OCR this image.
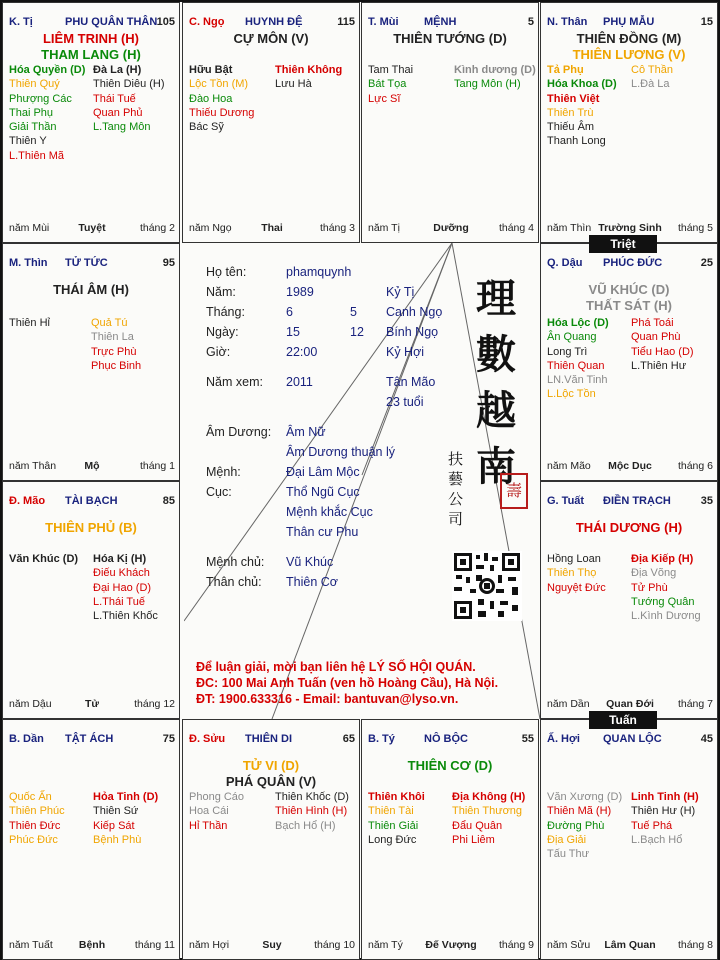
K. Tị	PHU QUÂN THÂN 105
LIÊM TRINH (H)
THAM LANG (H)
Hóa Quyền (D)
Thiên Quý
Phượng Các
Thai Phụ
Giải Thần
Thiên Y
L.Thiên Mã
Đà La (H)
Thiên Diêu (H)
Thái Tuế
Quan Phủ
L.Tang Môn
năm Mùi	Tuyệt	tháng 2
C. Ngọ HUYNH ĐỆ	115
CỰ MÔN (V)
Hữu Bật
Lộc Tồn (M)
Đào Hoa
Thiếu Dương
Bác Sỹ
Thiên Không
Lưu Hà
năm Ngọ	Thai	tháng 3
T. Mùi MỆNH	5
THIÊN TƯỚNG (D)
Tam Thai
Bát Tọa
Lực Sĩ
Kình dương (D)
Tang Môn (H)
năm Tị	Dưỡng	tháng 4
N. Thân PHỤ MẪU	15
THIÊN ĐỒNG (M)
THIÊN LƯƠNG (V)
Tả Phụ
Hóa Khoa (D)
Thiên Việt
Thiên Trù
Thiếu Âm
Thanh Long
Cô Thần
L.Đà La
năm Thìn Trường Sinh	tháng 5
M. Thìn TỬ TỨC	95
THÁI ÂM (H)
Thiên Hỉ	Quả Tú
Thiên La
Trực Phù
Phục Binh
năm Thân	Mộ	tháng 1
Q. Dậu PHÚC ĐỨC	25
VŨ KHÚC (D)
THẤT SÁT (H)
Hóa Lộc (D)
Ân Quang
Long Trì
Thiên Quan
LN.Văn Tinh
L.Lộc Tồn
Phá Toái
Quan Phù
Tiểu Hao (D)
L.Thiên Hư
năm Mão	Mộc Dục	tháng 6
Đ. Mão TÀI BẠCH	85
THIÊN PHỦ (B)
Văn Khúc (D) Hóa Kị (H)
Điếu Khách
Đại Hao (D)
L.Thái Tuế
L.Thiên Khốc
năm Dậu	Tử	tháng 12
G. Tuất ĐIỀN TRẠCH	35
THÁI DƯƠNG (H)
Hồng Loan
Thiên Thọ
Nguyệt Đức
Địa Kiếp (H)
Địa Võng
Tử Phù
Tướng Quân
L.Kình Dương
năm Dần	Quan Đới	tháng 7
B. Dần TẬT ÁCH	75
Quốc Ấn
Thiên Phúc
Thiên Đức
Phúc Đức
Hỏa Tinh (D)
Thiên Sứ
Kiếp Sát
Bệnh Phù
năm Tuất	Bệnh	tháng 11
Đ. Sửu THIÊN DI	65
TỬ VI (D)
PHÁ QUÂN (V)
Phong Cáo
Hoa Cái
Hỉ Thần
Thiên Khốc (D)
Thiên Hình (H)
Bạch Hổ (H)
năm Hợi	Suy	tháng 10
B. Tý	NÔ BỘC	55
THIÊN CƠ (D)
Thiên Khôi
Thiên Tài
Thiên Giải
Long Đức
Địa Không (H)
Thiên Thương
Đẩu Quân
Phi Liêm
năm Tý	Đế Vượng	tháng 9
Ấ. Hợi QUAN LỘC	45
Văn Xương (D)
Thiên Mã (H)
Đường Phù
Địa Giải
Tấu Thư
Linh Tinh (H)
Thiên Hư (H)
Tuế Phá
L.Bạch Hổ
năm Sửu	Lâm Quan	tháng 8
Họ tên:	phamquynh
Năm:	1989	Kỷ Tị
Tháng:	6	5 Canh Ngọ
Ngày:	15	12 Bính Ngọ
Giờ:	22:00	Kỷ Hợi
Năm xem: 2011	Tân Mão
23 tuổi
Âm Dương: Âm Nữ
Âm Dương thuận lý
Mệnh:	Đại Lâm Mộc
Cục:	Thổ Ngũ Cục
Mệnh khắc Cục
Thân cư Phu
Mệnh chủ: Vũ Khúc
Thân chủ: Thiên Cơ
理
數
越
南
扶
藝
公
司
壽
Để luận giải, mời bạn liên hệ LÝ SỐ HỘI QUÁN.
ĐC: 100 Mai Anh Tuấn (ven hồ Hoàng Cầu), Hà Nội.
ĐT: 1900.633316 - Email: bantuvan@lyso.vn.
Triệt
Tuấn
